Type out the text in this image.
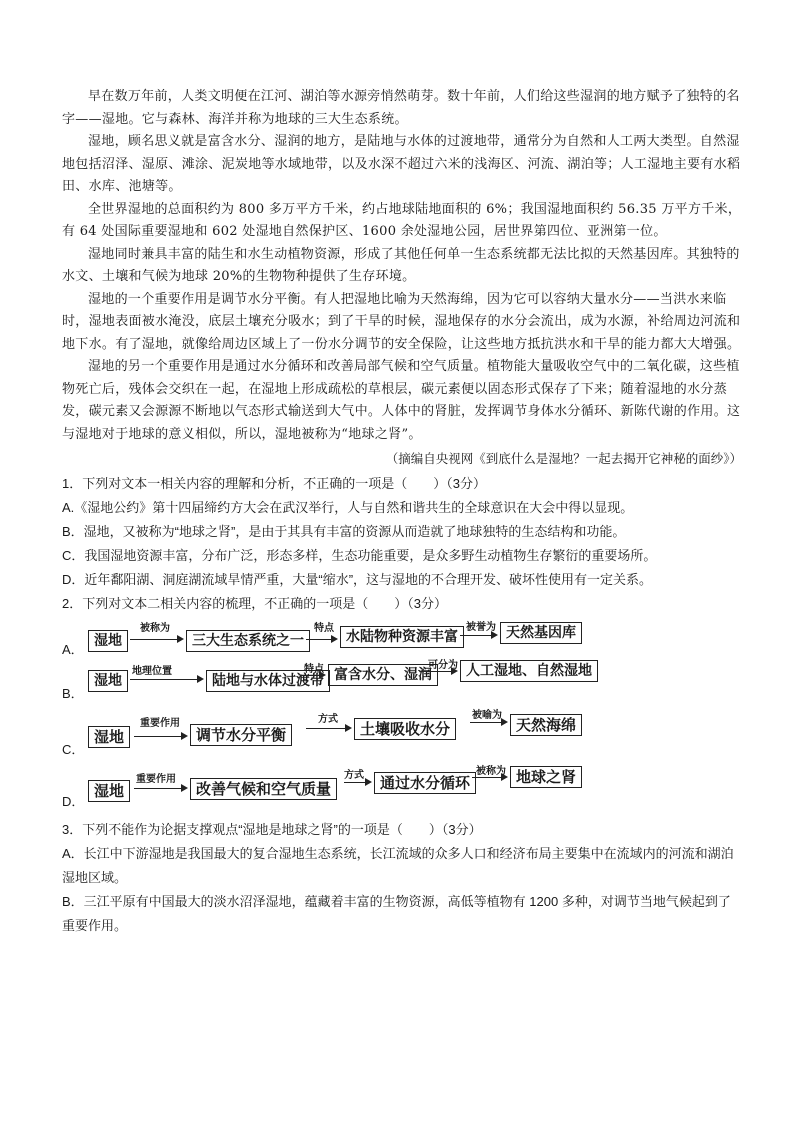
早在数万年前，人类文明便在江河、湖泊等水源旁悄然萌芽。数十年前，人们给这些湿润的地方赋予了独特的名字——湿地。它与森林、海洋并称为地球的三大生态系统。

湿地，顾名思义就是富含水分、湿润的地方，是陆地与水体的过渡地带，通常分为自然和人工两大类型。自然湿地包括沼泽、湿原、滩涂、泥炭地等水域地带，以及水深不超过六米的浅海区、河流、湖泊等；人工湿地主要有水稻田、水库、池塘等。

全世界湿地的总面积约为 800 多万平方千米，约占地球陆地面积的 6%；我国湿地面积约 56.35 万平方千米，有 64 处国际重要湿地和 602 处湿地自然保护区、1600 余处湿地公园，居世界第四位、亚洲第一位。

湿地同时兼具丰富的陆生和水生动植物资源，形成了其他任何单一生态系统都无法比拟的天然基因库。其独特的水文、土壤和气候为地球 20%的生物物种提供了生存环境。

湿地的一个重要作用是调节水分平衡。有人把湿地比喻为天然海绵，因为它可以容纳大量水分——当洪水来临时，湿地表面被水淹没，底层土壤充分吸水；到了干旱的时候，湿地保存的水分会流出，成为水源，补给周边河流和地下水。有了湿地，就像给周边区域上了一份水分调节的安全保险，让这些地方抵抗洪水和干旱的能力都大大增强。

湿地的另一个重要作用是通过水分循环和改善局部气候和空气质量。植物能大量吸收空气中的二氧化碳，这些植物死亡后，残体会交织在一起，在湿地上形成疏松的草根层，碳元素便以固态形式保存了下来；随着湿地的水分蒸发，碳元素又会源源不断地以气态形式输送到大气中。人体中的肾脏，发挥调节身体水分循环、新陈代谢的作用。这与湿地对于地球的意义相似，所以，湿地被称为“地球之肾”。

（摘编自央视网《到底什么是湿地？一起去揭开它神秘的面纱》）

1．下列对文本一相关内容的理解和分析，不正确的一项是（　　）（3分）

A.《湿地公约》第十四届缔约方大会在武汉举行，人与自然和谐共生的全球意识在大会中得以显现。

B．湿地，又被称为“地球之肾”，是由于其具有丰富的资源从而造就了地球独特的生态结构和功能。

C．我国湿地资源丰富，分布广泛，形态多样，生态功能重要，是众多野生动植物生存繁衍的重要场所。

D．近年鄱阳湖、洞庭湖流域旱情严重，大量“缩水”，这与湿地的不合理开发、破坏性使用有一定关系。

2．下列对文本二相关内容的梳理，不正确的一项是（　　）（3分）

A．
湿地
被称为
三大生态系统之一
特点
水陆物种资源丰富
被誉为 天然基因库
B．
湿地
地理位置
陆地与水体过渡带
特点 富含水分、湿润
可分为 人工湿地、自然湿地
C．
湿地
重要作用
调节水分平衡
方式
土壤吸收水分
被喻为
天然海绵
D．
湿地
重要作用
改善气候和空气质量
方式	通过水分循环
被称为 地球之肾

3．下列不能作为论据支撑观点“湿地是地球之肾”的一项是（　　）（3分）

A．长江中下游湿地是我国最大的复合湿地生态系统，长江流域的众多人口和经济布局主要集中在流域内的河流和湖泊湿地区域。

B．三江平原有中国最大的淡水沼泽湿地，蕴藏着丰富的生物资源，高低等植物有 1200 多种，对调节当地气候起到了重要作用。
